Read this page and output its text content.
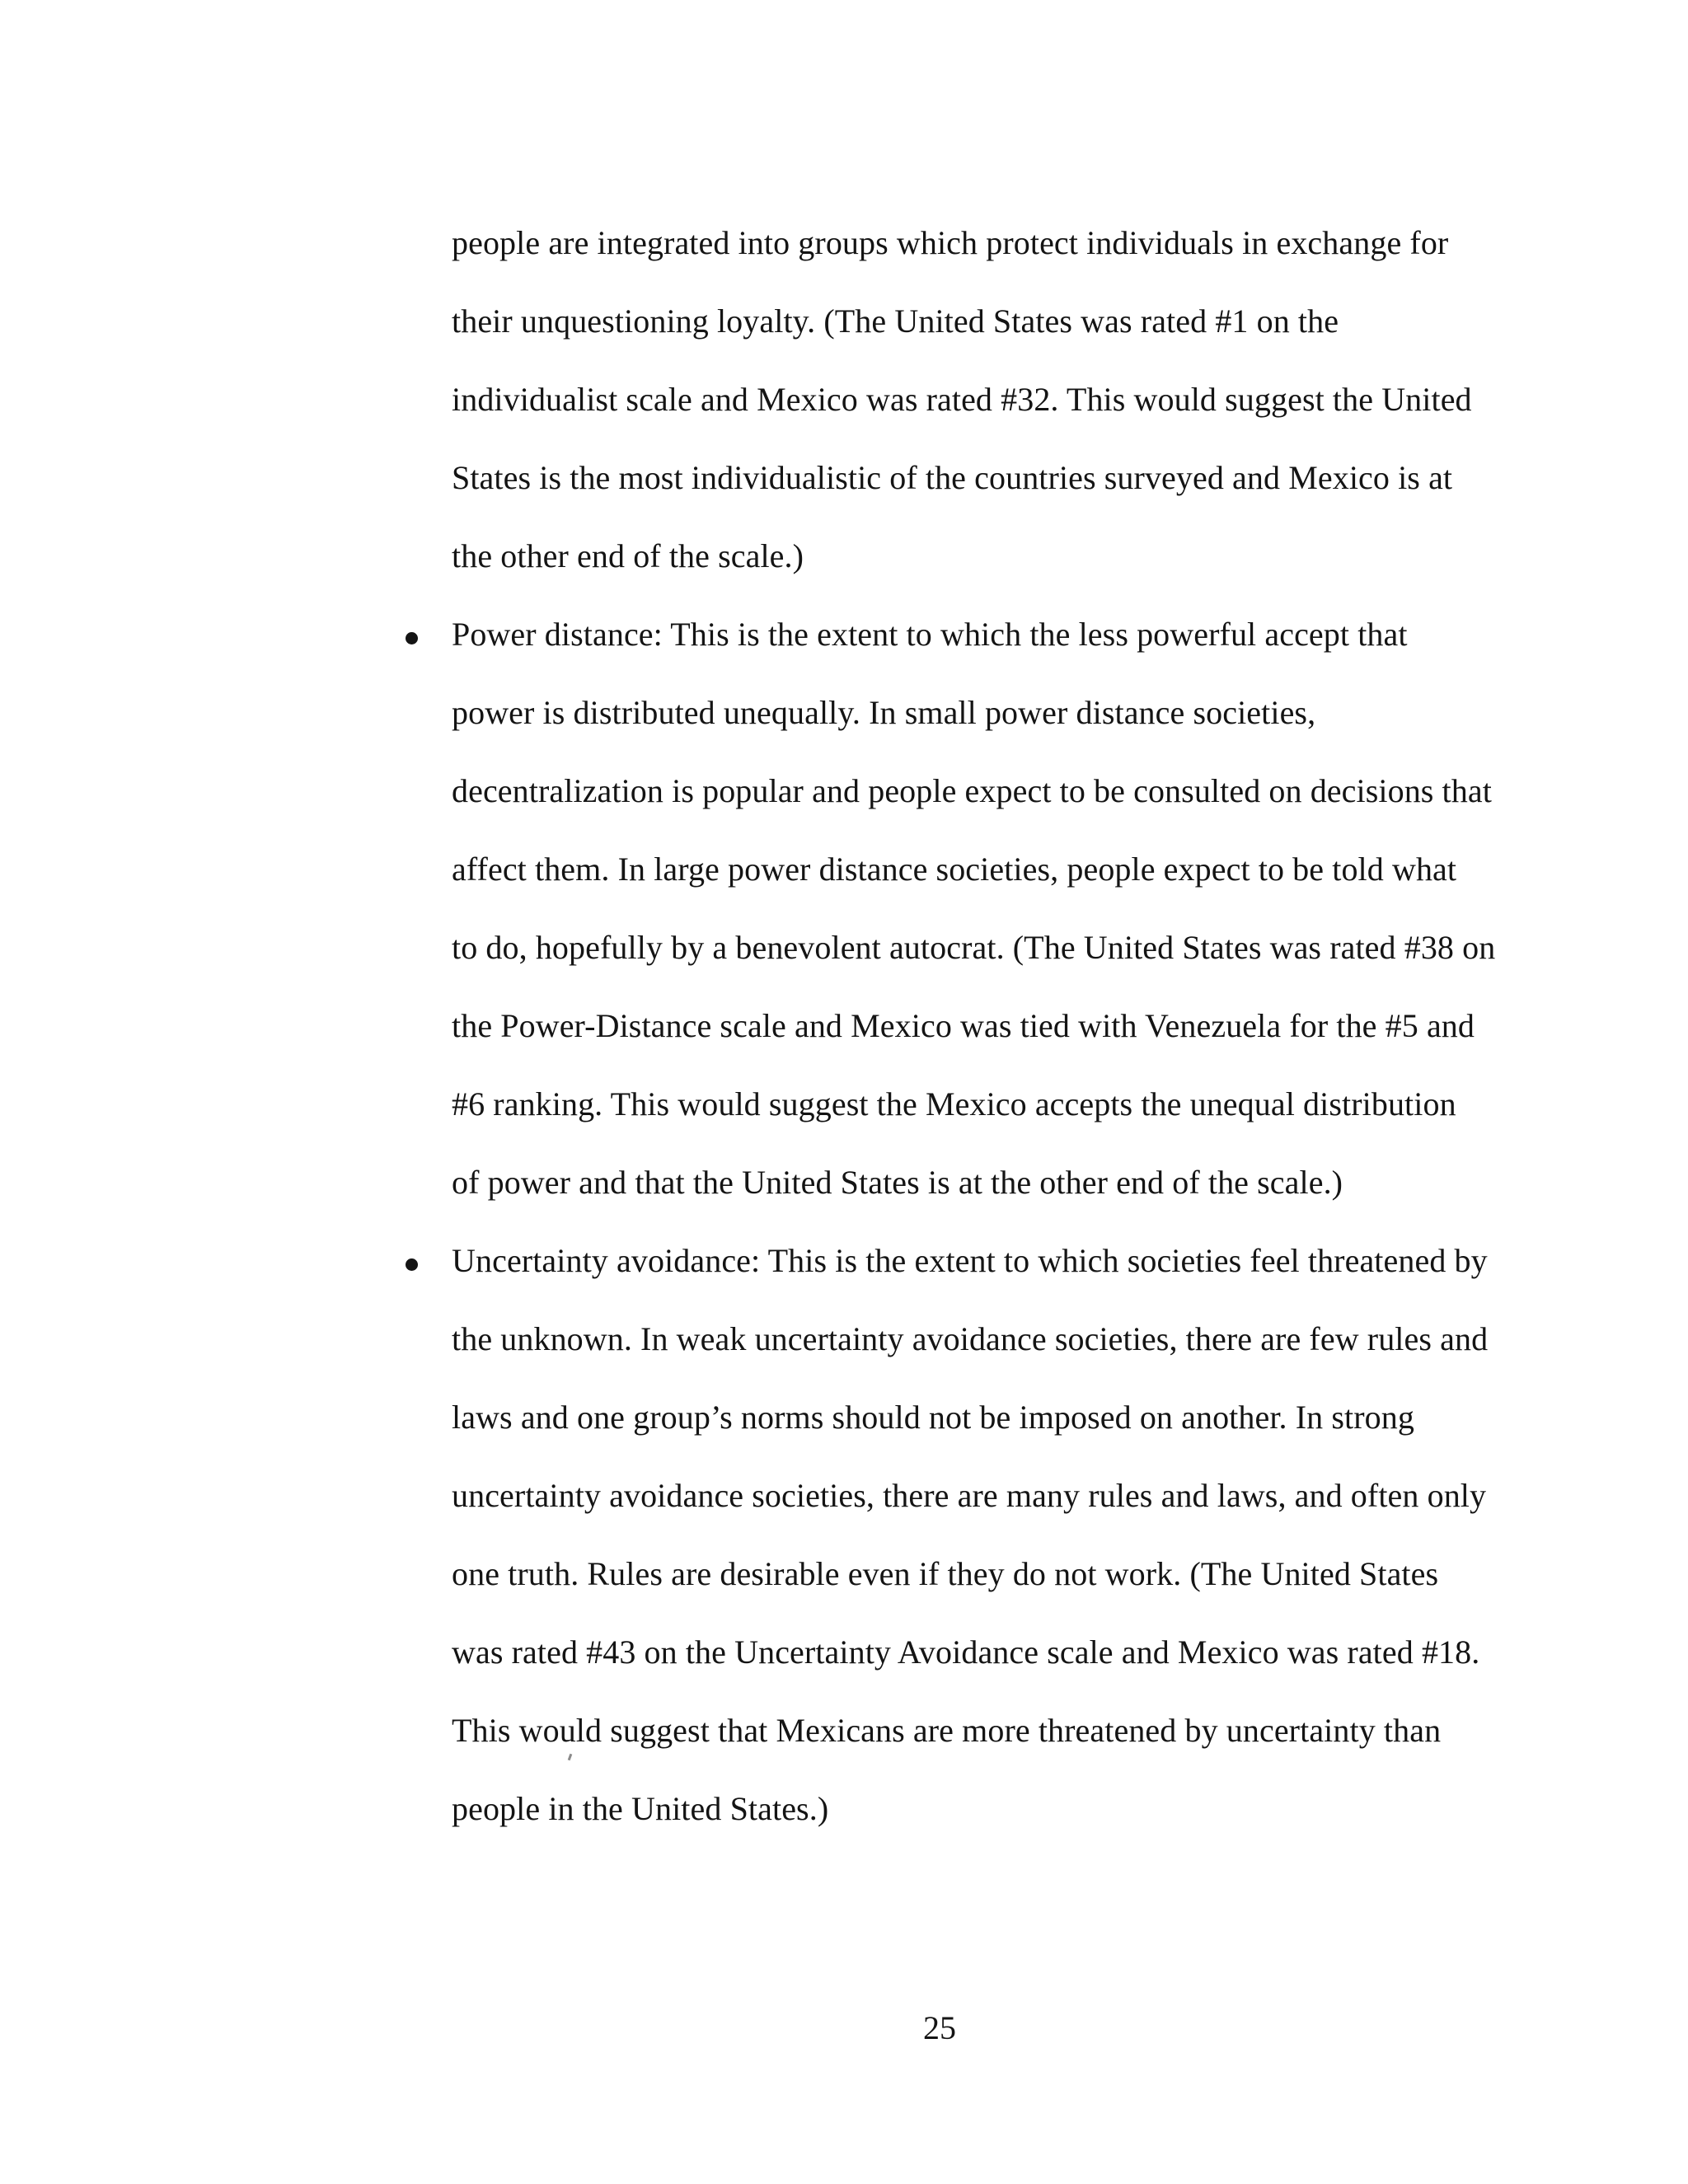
people are integrated into groups which protect individuals in exchange for
their unquestioning loyalty. (The United States was rated #1 on the
individualist scale and Mexico was rated #32. This would suggest the United
States is the most individualistic of the countries surveyed and Mexico is at
the other end of the scale.)
Power distance: This is the extent to which the less powerful accept that
power is distributed unequally. In small power distance societies,
decentralization is popular and people expect to be consulted on decisions that
affect them. In large power distance societies, people expect to be told what
to do, hopefully by a benevolent autocrat. (The United States was rated #38 on
the Power-Distance scale and Mexico was tied with Venezuela for the #5 and
#6 ranking. This would suggest the Mexico accepts the unequal distribution
of power and that the United States is at the other end of the scale.)
Uncertainty avoidance: This is the extent to which societies feel threatened by
the unknown. In weak uncertainty avoidance societies, there are few rules and
laws and one group’s norms should not be imposed on another. In strong
uncertainty avoidance societies, there are many rules and laws, and often only
one truth. Rules are desirable even if they do not work. (The United States
was rated #43 on the Uncertainty Avoidance scale and Mexico was rated #18.
This would suggest that Mexicans are more threatened by uncertainty than
people in the United States.)
25
